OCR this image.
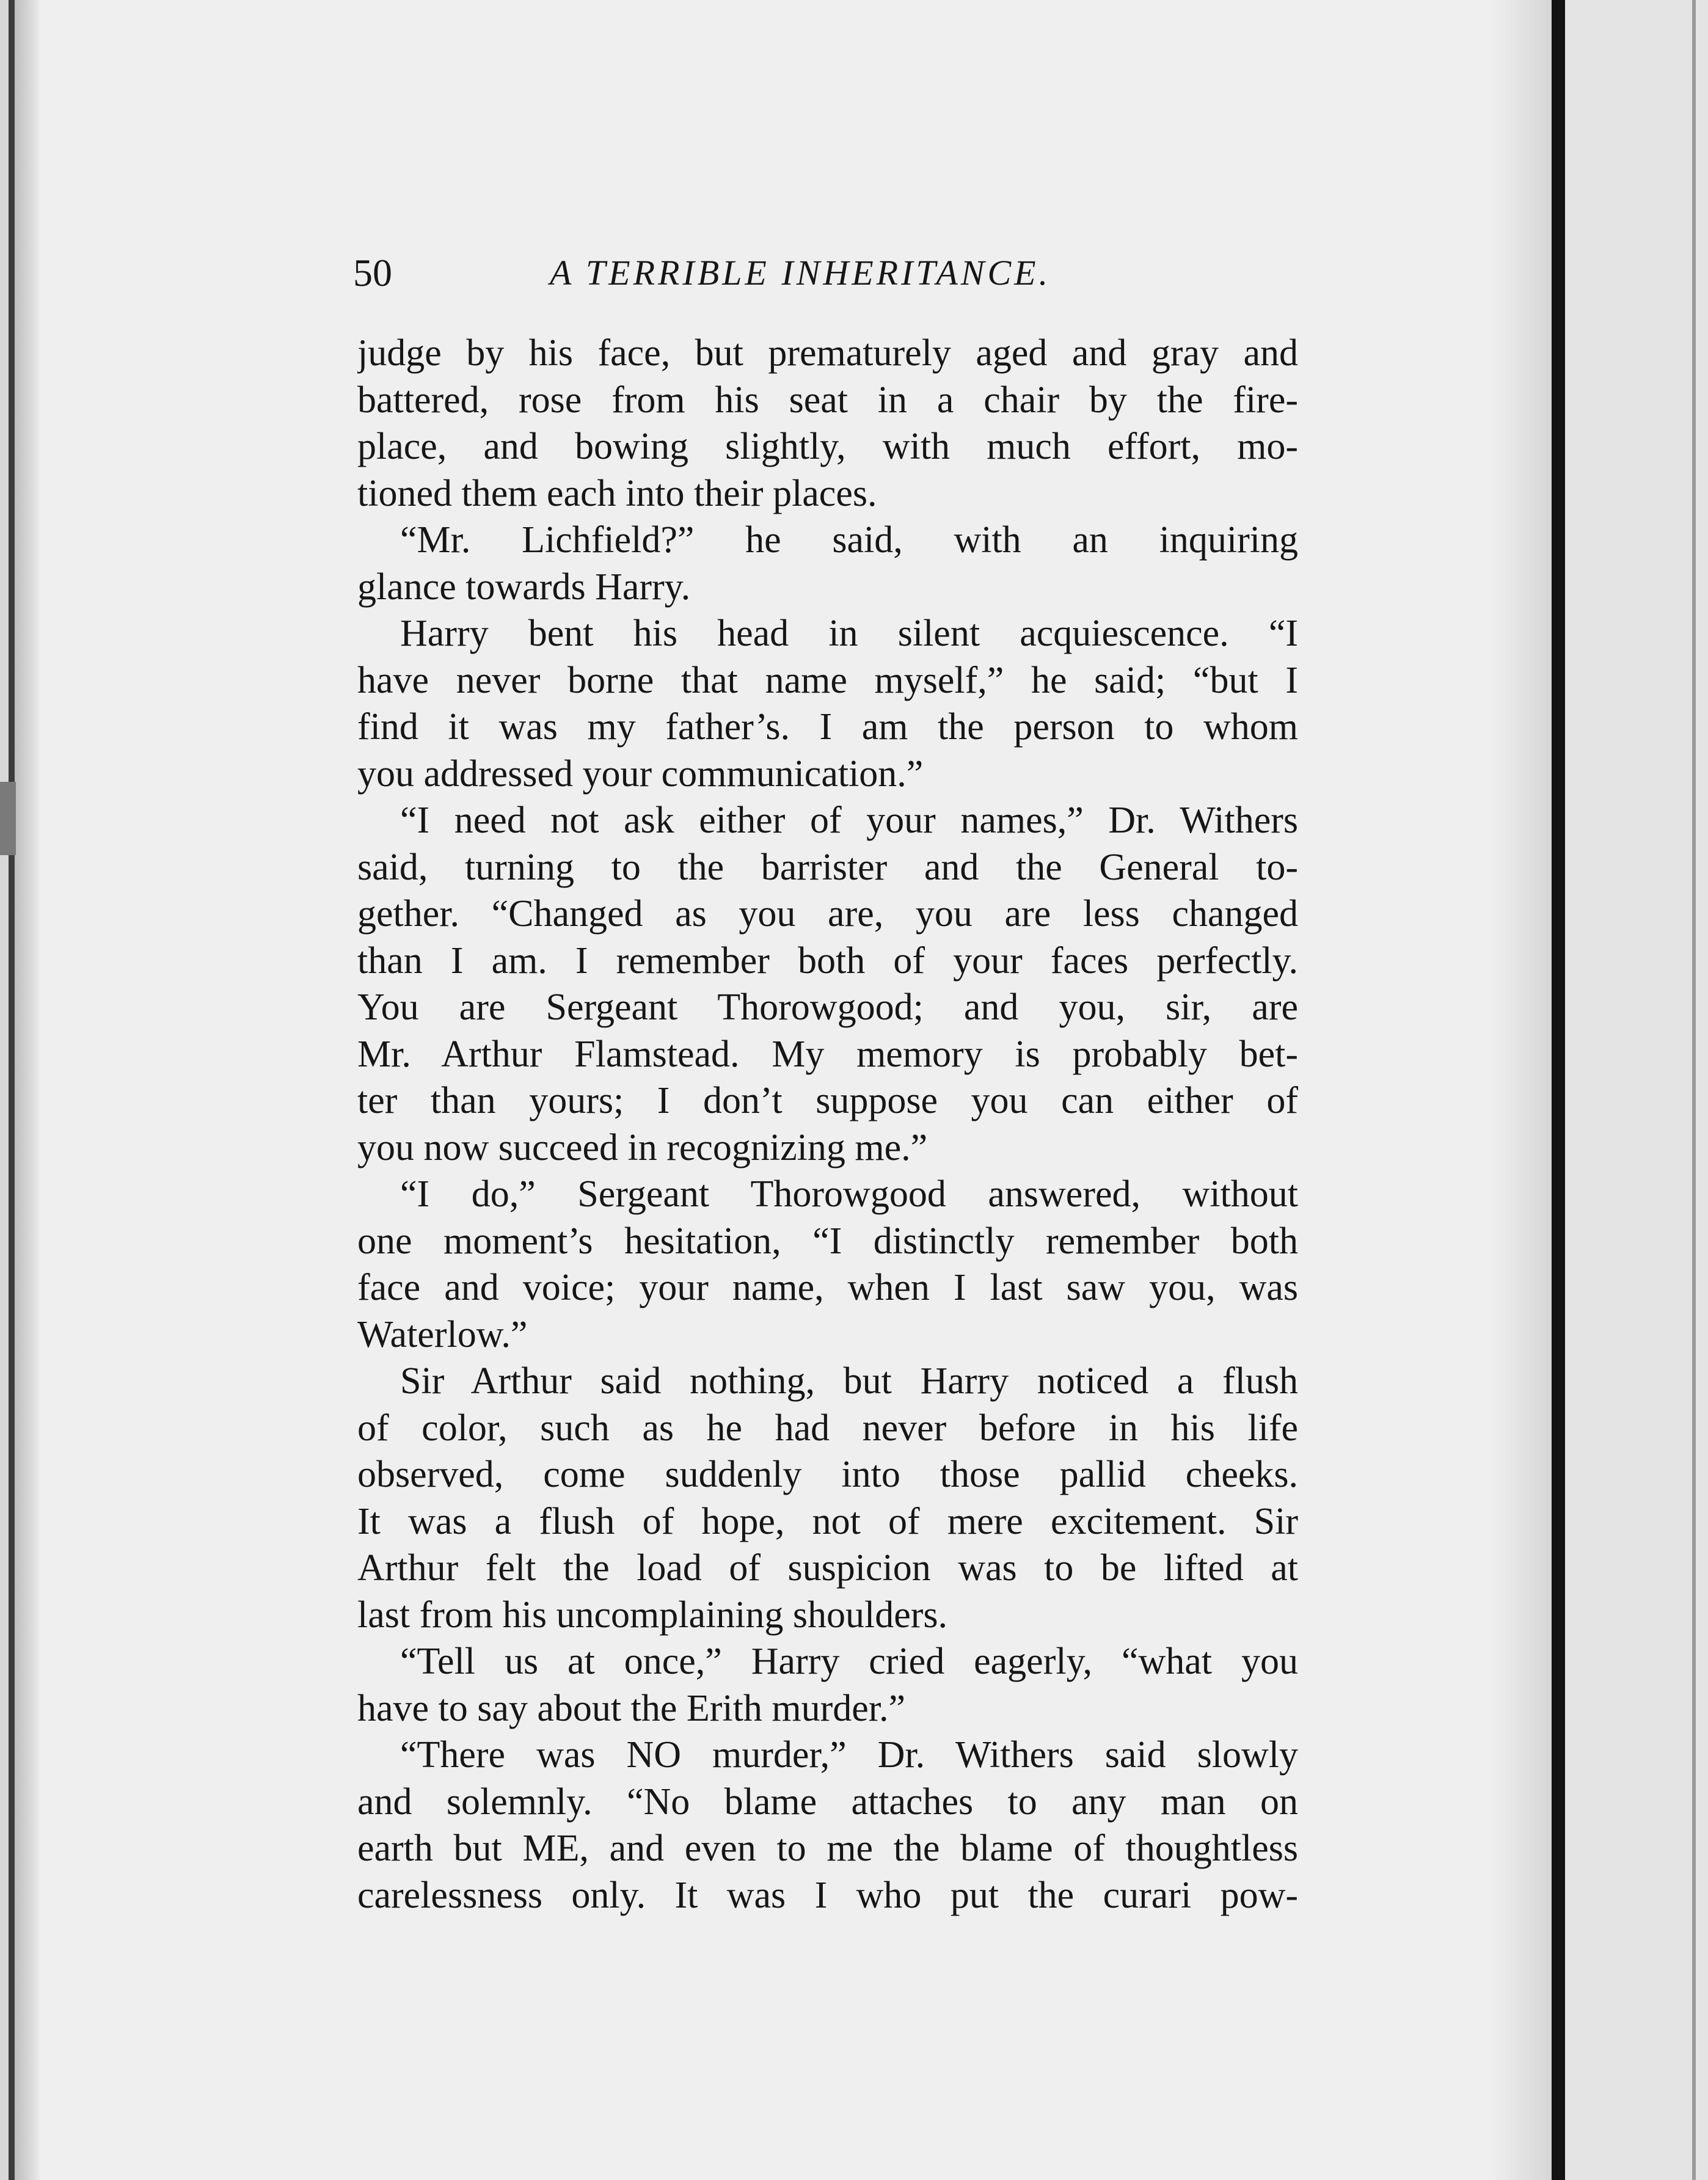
50	A TERRIBLE INHERITANCE.

judge by his face, but prematurely aged and gray and

battered, rose from his seat in a chair by the fire-

place, and bowing slightly, with much effort, mo-

tioned them each into their places.

“Mr. Lichfield?” he said, with an inquiring

glance towards Harry.

Harry bent his head in silent acquiescence. “I

have never borne that name myself,” he said; “but I

find it was my father’s. I am the person to whom

you addressed your communication.”

“I need not ask either of your names,” Dr. Withers

said, turning to the barrister and the General to-

gether. “Changed as you are, you are less changed

than I am. I remember both of your faces perfectly.

You are Sergeant Thorowgood; and you, sir, are

Mr. Arthur Flamstead. My memory is probably bet-

ter than yours; I don’t suppose you can either of

you now succeed in recognizing me.”

“I do,” Sergeant Thorowgood answered, without

one moment’s hesitation, “I distinctly remember both

face and voice; your name, when I last saw you, was

Waterlow.”

Sir Arthur said nothing, but Harry noticed a flush

of color, such as he had never before in his life

observed, come suddenly into those pallid cheeks.

It was a flush of hope, not of mere excitement. Sir

Arthur felt the load of suspicion was to be lifted at

last from his uncomplaining shoulders.

“Tell us at once,” Harry cried eagerly, “what you

have to say about the Erith murder.”

“There was NO murder,” Dr. Withers said slowly

and solemnly. “No blame attaches to any man on

earth but ME, and even to me the blame of thoughtless

carelessness only. It was I who put the curari pow-
